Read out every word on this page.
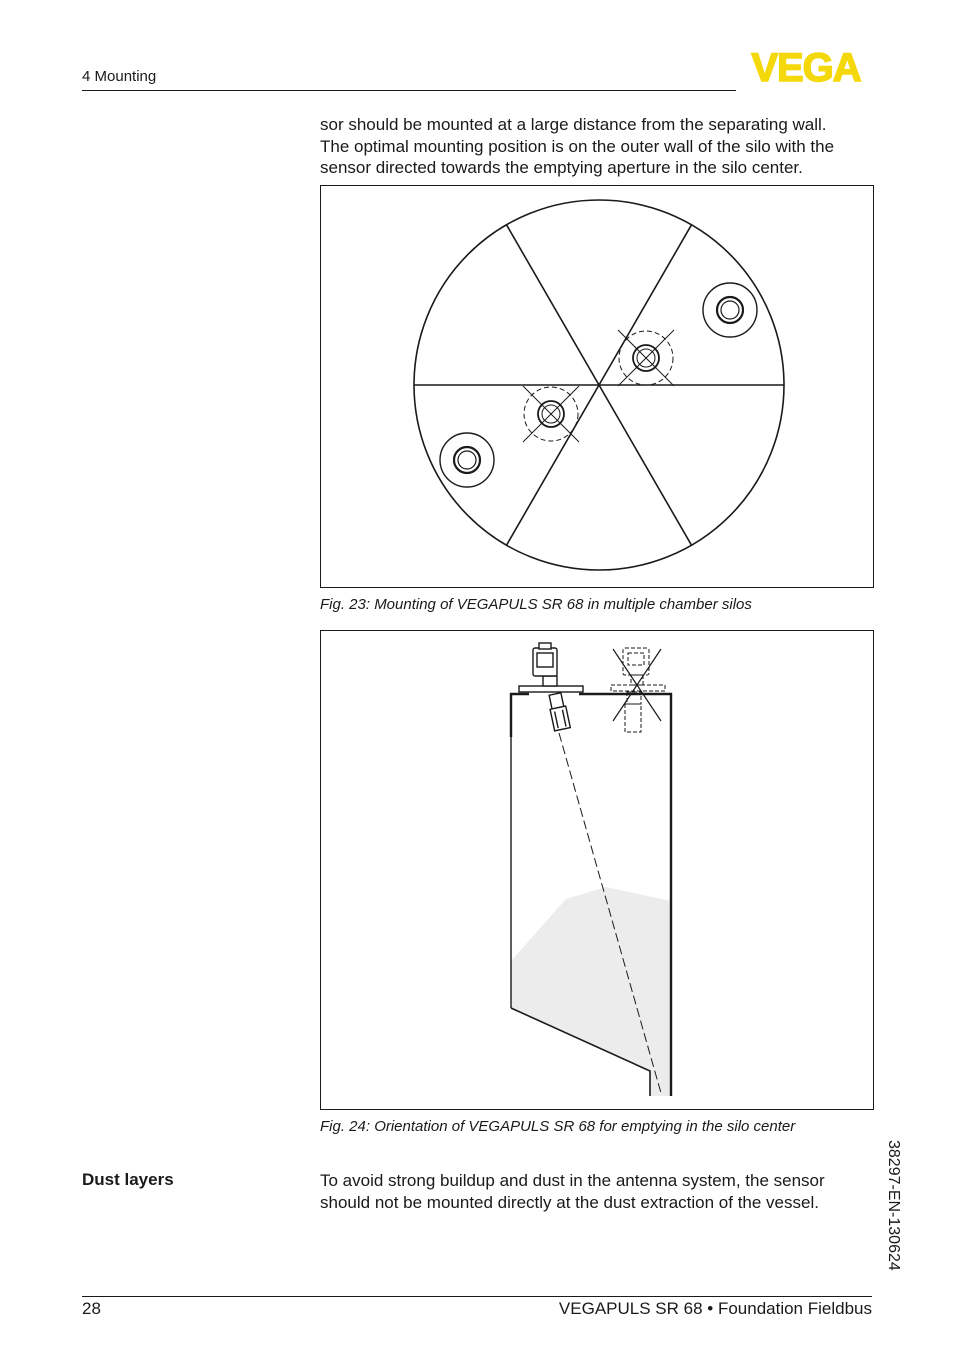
4 Mounting	VEGA
sor should be mounted at a large distance from the separating wall.
The optimal mounting position is on the outer wall of the silo with the
sensor directed towards the emptying aperture in the silo center.
Fig. 23: Mounting of VEGAPULS SR 68 in multiple chamber silos
Fig. 24: Orientation of VEGAPULS SR 68 for emptying in the silo center
Dust layers	To avoid strong buildup and dust in the antenna system, the sensor
should not be mounted directly at the dust extraction of the vessel.	38297-EN-130624
28	VEGAPULS SR 68 • Foundation Fieldbus
